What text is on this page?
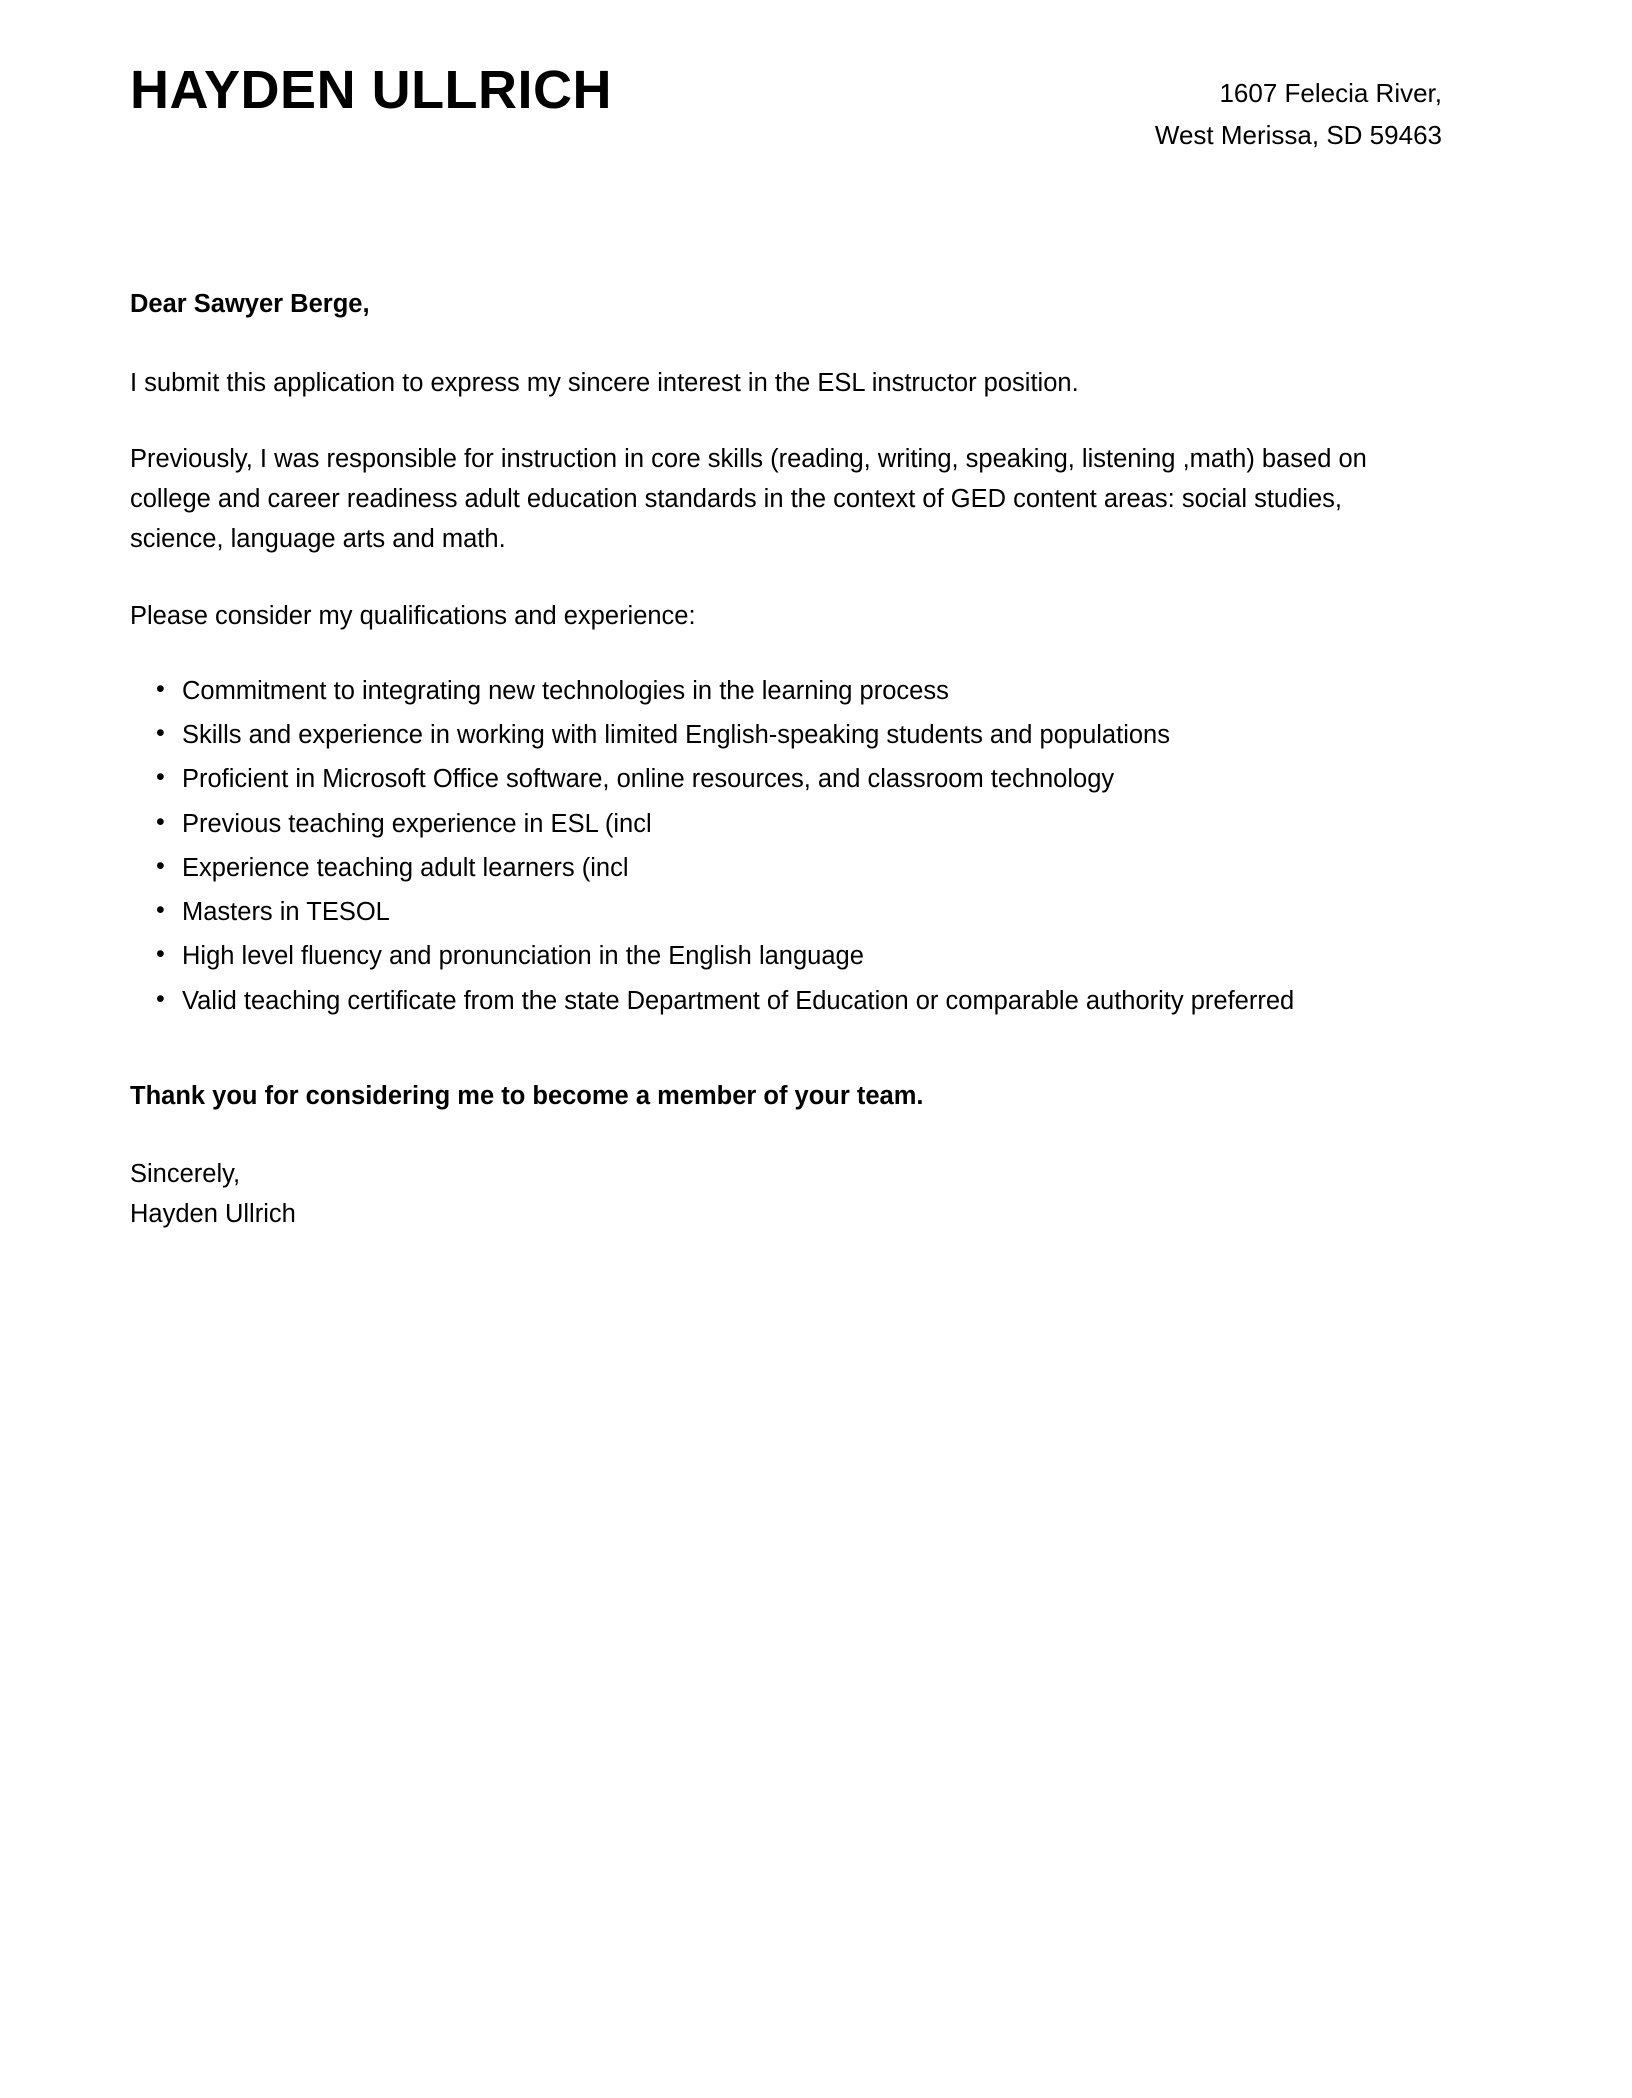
HAYDEN ULLRICH	1607 Felecia River,
West Merissa, SD 59463

Dear Sawyer Berge,

I submit this application to express my sincere interest in the ESL instructor position.

Previously, I was responsible for instruction in core skills (reading, writing, speaking, listening ,math) based on college and career readiness adult education standards in the context of GED content areas: social studies, science, language arts and math.

Please consider my qualifications and experience:

• Commitment to integrating new technologies in the learning process
• Skills and experience in working with limited English-speaking students and populations
• Proficient in Microsoft Office software, online resources, and classroom technology
• Previous teaching experience in ESL (incl
• Experience teaching adult learners (incl
• Masters in TESOL
• High level fluency and pronunciation in the English language
• Valid teaching certificate from the state Department of Education or comparable authority preferred

Thank you for considering me to become a member of your team.

Sincerely,
Hayden Ullrich
